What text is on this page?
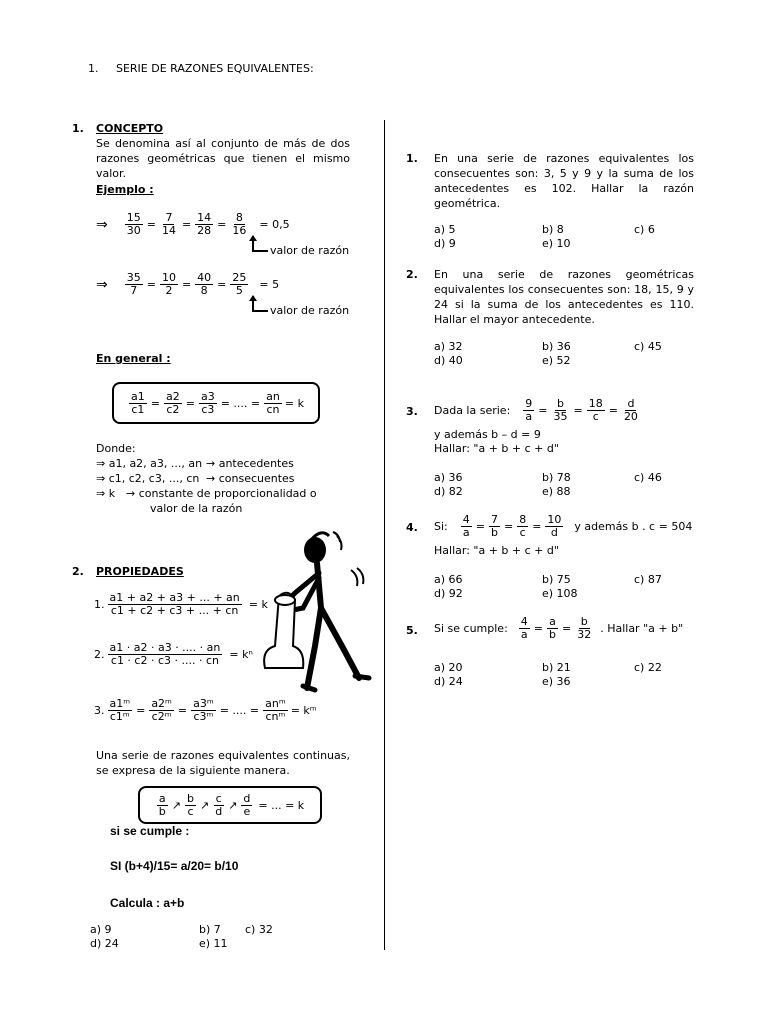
1.	SERIE DE RAZONES EQUIVALENTES:
1. CONCEPTO
Se denomina así al conjunto de más de dos razones geométricas que tienen el mismo valor.
Ejemplo :
⇒ $\frac{15}{30} = \frac{7}{14} = \frac{14}{28} = \frac{8}{16} = 0,5$
valor de razón
⇒ $\frac{35}{7} = \frac{10}{2} = \frac{40}{8} = \frac{25}{5} = 5$
valor de razón
En general :
$\frac{a1}{c1} = \frac{a2}{c2} = \frac{a3}{c3}$ = .... = $\frac{an}{cn} = k$
Donde:
⇒ a1, a2, a3, ..., an → antecedentes
⇒ c1, c2, c3, ..., cn → consecuentes
⇒ k → constante de proporcionalidad o
valor de la razón
2. PROPIEDADES
1. $\frac{a1 + a2 + a3 + ... + an}{c1 + c2 + c3 + ... + cn} = k$
2. $\frac{a1 \cdot a2 \cdot a3 \cdot .... \cdot an}{c1 \cdot c2 \cdot c3 \cdot .... \cdot cn} = k^n$
3. $\frac{\text{a1ᵐ}}{\text{c1ᵐ}} = \frac{\text{a2ᵐ}}{\text{c2ᵐ}} = \frac{\text{a3ᵐ}}{\text{c3ᵐ}}$ = .... =
anᵐ
cnᵐ = kᵐ
Una serie de razones equivalentes continuas, se expresa de la siguiente manera.
a
b ↗
b
c ↗
c
d ↗ $\frac{d}{e}$ = ... = k
si se cumple :
SI (b+4)/15= a/20= b/10
Calcula : a+b
a) 9	b) 7 c) 32
d) 24	e) 11
1. En una serie de razones equivalentes los consecuentes son: 3, 5 y 9 y la suma de los antecedentes es 102. Hallar la razón geométrica.
a) 5	b) 8	c) 6
d) 9	e) 10
2. En una serie de razones geométricas equivalentes los consecuentes son: 18, 15, 9 y 24 si la suma de los antecedentes es 110. Hallar el mayor antecedente.
a) 32	b) 36	c) 45
d) 40	e) 52
3. Dada la serie: $\frac{9}{a} = \frac{b}{35} = \frac{18}{c} = \frac{d}{20}$
y además b – d = 9
Hallar: "a + b + c + d"
a) 36	b) 78	c) 46
d) 82	e) 88
4. Si: $\frac{4}{a} = \frac{7}{b} = \frac{8}{c} = \frac{10}{d}$ y además b . c = 504
Hallar: "a + b + c + d"
a) 66	b) 75	c) 87
d) 92	e) 108
5. Si se cumple: $\frac{4}{a} = \frac{a}{b} = \frac{b}{32}$ . Hallar "a + b"
a) 20	b) 21	c) 22
d) 24	e) 36
